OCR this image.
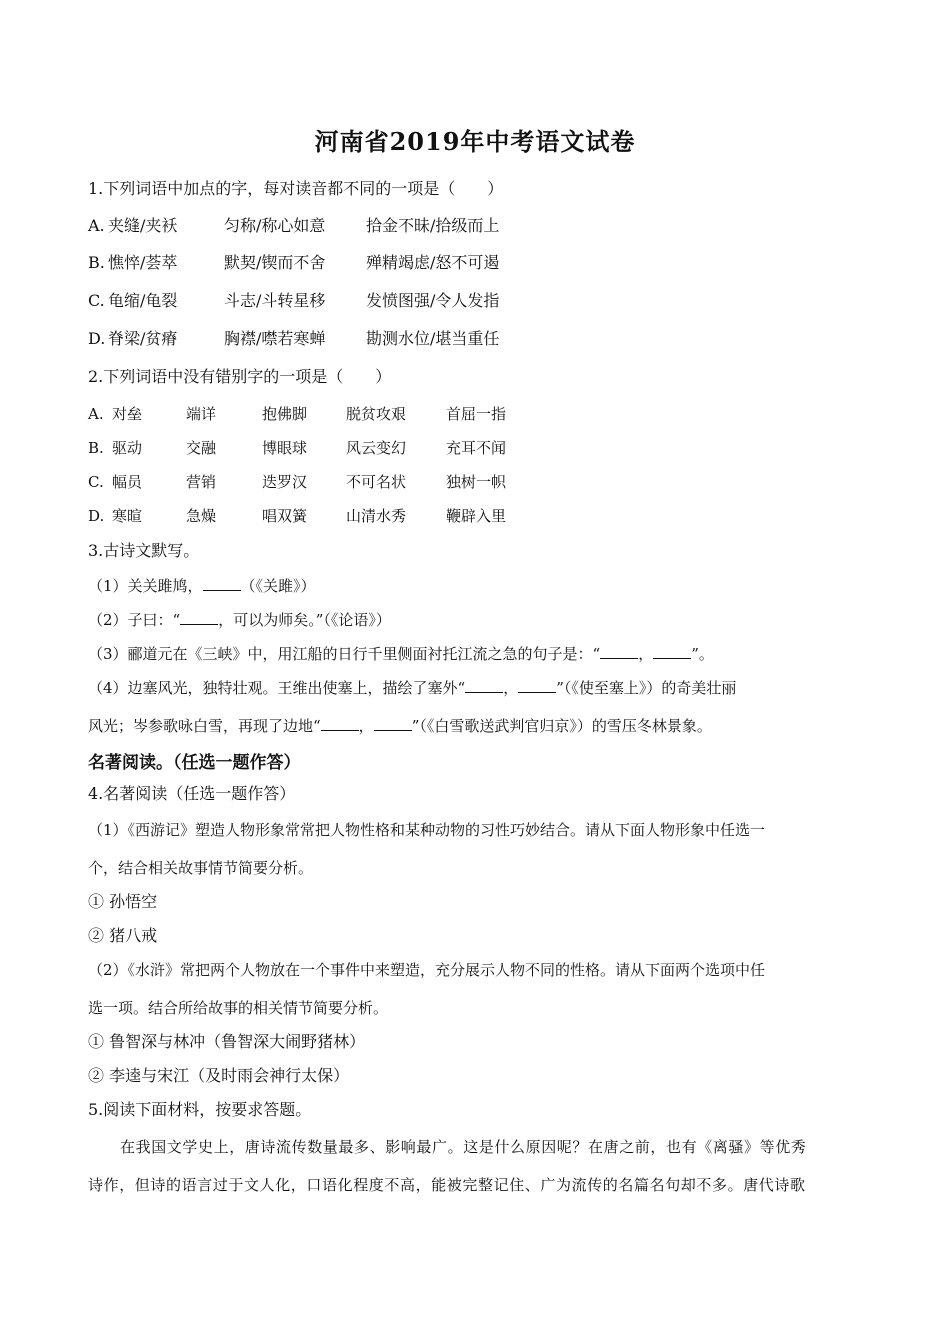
河南省2019年中考语文试卷
1.下列词语中加点的字，每对读音都不同的一项是（　　）
A. 夹缝/夹袄	匀称/称心如意	拾金不昧/拾级而上
B. 憔悴/荟萃	默契/锲而不舍	殚精竭虑/怒不可遏
C. 龟缩/龟裂	斗志/斗转星移	发愤图强/令人发指
D. 脊梁/贫瘠	胸襟/噤若寒蝉	勘测水位/堪当重任
2.下列词语中没有错别字的一项是（　　）
A. 对垒	端详	抱佛脚	脱贫攻艰	首屈一指
B. 驱动	交融	博眼球	风云变幻	充耳不闻
C. 幅员	营销	迭罗汉	不可名状	独树一帜
D. 寒暄	急燥	唱双簧	山清水秀	鞭辟入里
3.古诗文默写。
（1）关关雎鸠，	（《关雎》）
（2）子曰：“	，可以为师矣。”（《论语》）
（3）郦道元在《三峡》中，用江船的日行千里侧面衬托江流之急的句子是：“	，	”。
（4）边塞风光，独特壮观。王维出使塞上，描绘了塞外“	，	”（《使至塞上》）的奇美壮丽
风光；岑参歌咏白雪，再现了边地“	，	”（《白雪歌送武判官归京》）的雪压冬林景象。
名著阅读。（任选一题作答）
4.名著阅读（任选一题作答）
（1）《西游记》塑造人物形象常常把人物性格和某种动物的习性巧妙结合。请从下面人物形象中任选一
个，结合相关故事情节简要分析。
① 孙悟空
② 猪八戒
（2）《水浒》常把两个人物放在一个事件中来塑造，充分展示人物不同的性格。请从下面两个选项中任
选一项。结合所给故事的相关情节简要分析。
① 鲁智深与林冲（鲁智深大闹野猪林）
② 李逵与宋江（及时雨会神行太保）
5.阅读下面材料，按要求答题。
在我国文学史上，唐诗流传数量最多、影响最广。这是什么原因呢？在唐之前，也有《离骚》等优秀
诗作，但诗的语言过于文人化，口语化程度不高，能被完整记住、广为流传的名篇名句却不多。唐代诗歌
